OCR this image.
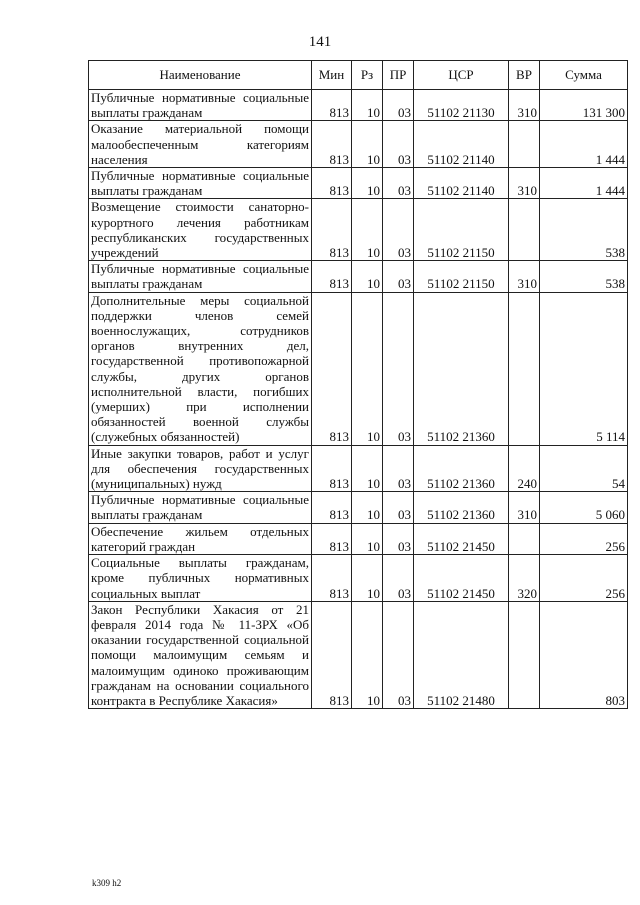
141
Наименование	Мин	Рз	ПР	ЦСР	ВР	Сумма
Публичные нормативные социальные выплаты гражданам	813	10	03	51102 21130	310	131 300
Оказание материальной помощи малообеспеченным категориям населения	813	10	03	51102 21140		1 444
Публичные нормативные социальные выплаты гражданам	813	10	03	51102 21140	310	1 444
Возмещение стоимости санаторно-курортного лечения работникам республиканских государственных учреждений	813	10	03	51102 21150		538
Публичные нормативные социальные выплаты гражданам	813	10	03	51102 21150	310	538
Дополнительные меры социальной поддержки членов семей военнослужащих, сотрудников органов внутренних дел, государственной противопожарной службы, других органов исполнительной власти, погибших (умерших) при исполнении обязанностей военной службы (служебных обязанностей)	813	10	03	51102 21360		5 114
Иные закупки товаров, работ и услуг для обеспечения государственных (муниципальных) нужд	813	10	03	51102 21360	240	54
Публичные нормативные социальные выплаты гражданам	813	10	03	51102 21360	310	5 060
Обеспечение жильем отдельных категорий граждан	813	10	03	51102 21450		256
Социальные выплаты гражданам, кроме публичных нормативных социальных выплат	813	10	03	51102 21450	320	256
Закон Республики Хакасия от 21 февраля 2014 года № 11-ЗРХ «Об оказании государственной социальной помощи малоимущим семьям и малоимущим одиноко проживающим гражданам на основании социального контракта в Республике Хакасия»	813	10	03	51102 21480		803
k309 h2
